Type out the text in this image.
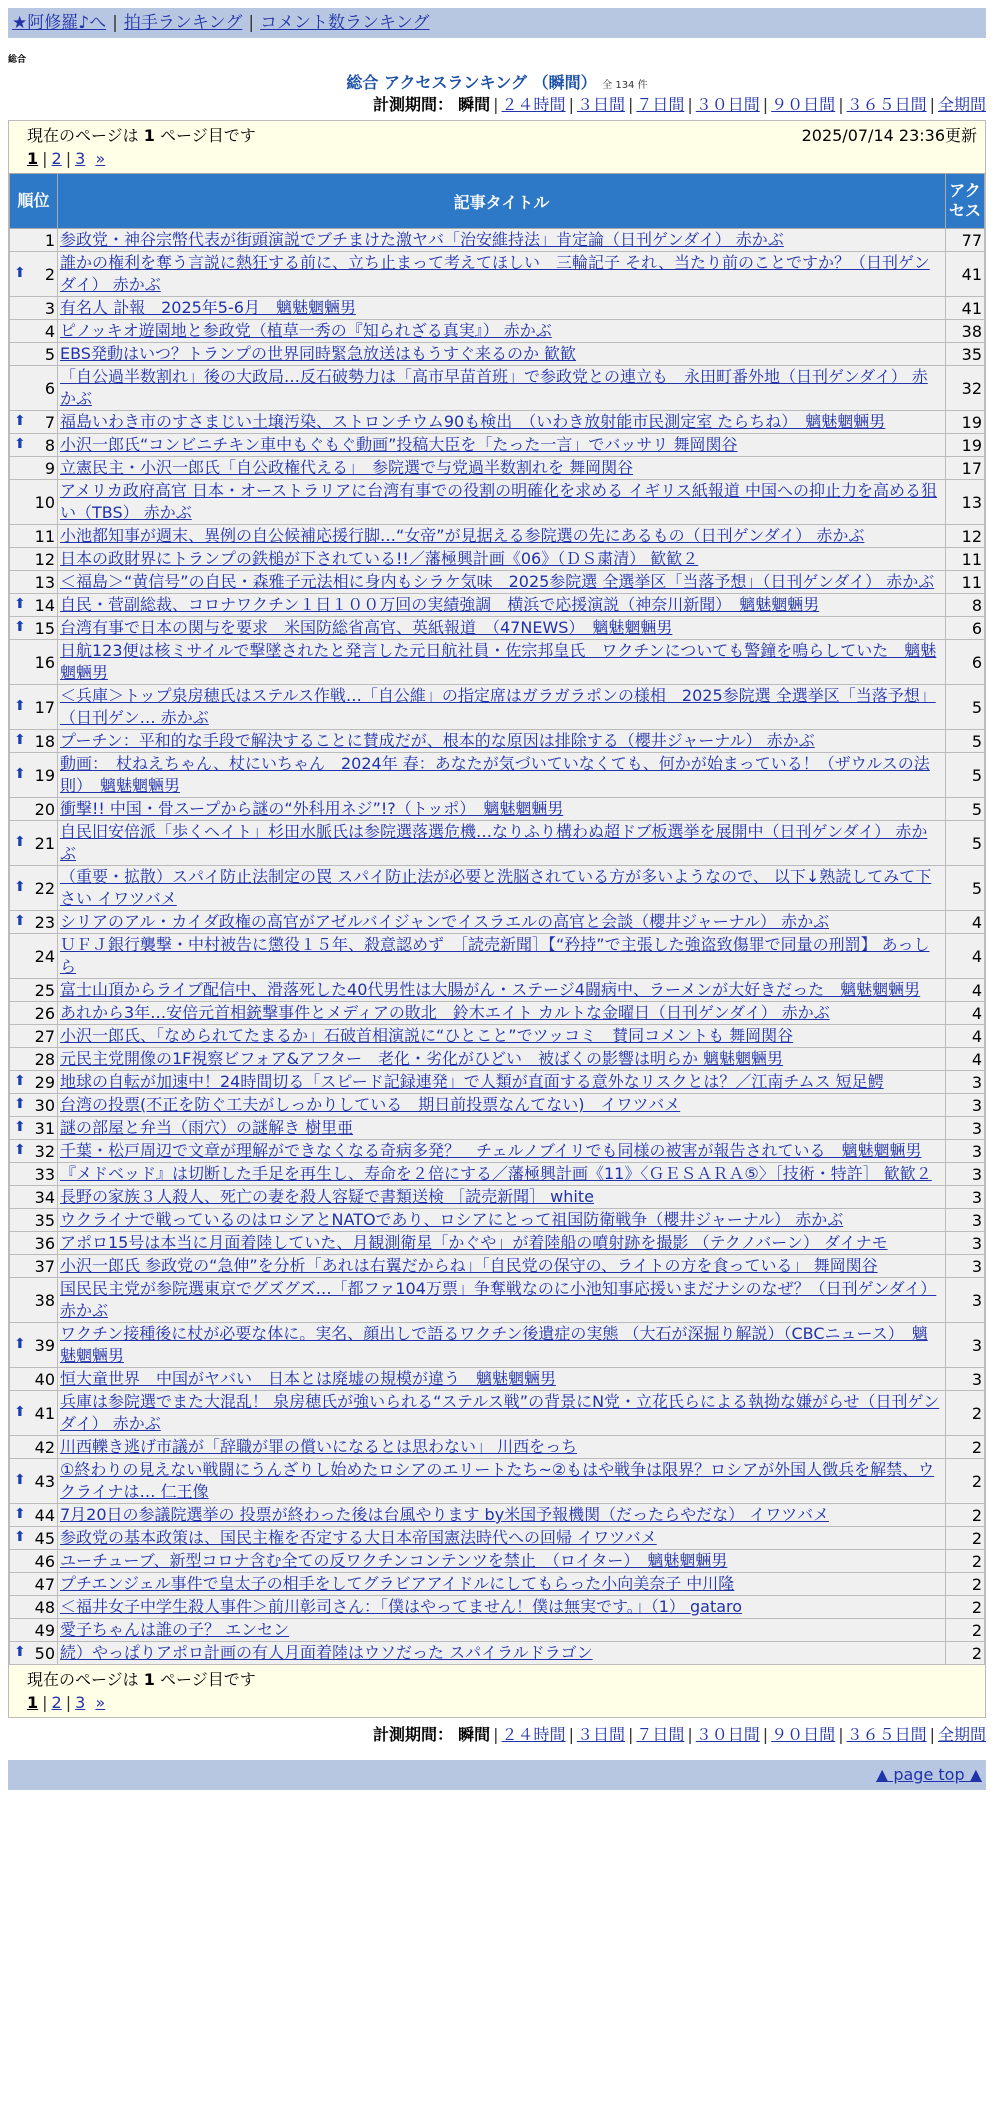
★阿修羅♪へ | 拍手ランキング | コメント数ランキング
総合
総合 アクセスランキング （瞬間） 全 134 件
計測期間： 瞬間 | ２４時間 | ３日間 | ７日間 | ３０日間 | ９０日間 | ３６５日間 | 全期間
現在のページは 1 ページ目です	2025/07/14 23:36更新
1 | 2 | 3 »
順位	記事タイトル	アクセス
1	参政党・神谷宗幣代表が街頭演説でブチまけた激ヤバ「治安維持法」肯定論（日刊ゲンダイ） 赤かぶ	77

⬆ 2	誰かの権利を奪う言説に熱狂する前に、立ち止まって考えてほしい　三輪記子 それ、当たり前のことですか？（日刊ゲンダイ） 赤かぶ	41
3	有名人 訃報　2025年5-6月　魑魅魍魎男	41
4	ピノッキオ遊園地と参政党（植草一秀の『知られざる真実』） 赤かぶ	38
5	EBS発動はいつ？トランプの世界同時緊急放送はもうすぐ来るのか 歓歓	35
6	「自公過半数割れ」後の大政局…反石破勢力は「高市早苗首班」で参政党との連立も　永田町番外地（日刊ゲンダイ） 赤かぶ	32

⬆ 7	福島いわき市のすさまじい土壌汚染、ストロンチウム90も検出　（いわき放射能市民測定室 たらちね）　魑魅魍魎男	19

⬆ 8	小沢一郎氏“コンビニチキン車中もぐもぐ動画”投稿大臣を「たった一言」でバッサリ 舞岡関谷	19
9	立憲民主・小沢一郎氏「自公政権代える」　参院選で与党過半数割れを 舞岡関谷	17
10	アメリカ政府高官 日本・オーストラリアに台湾有事での役割の明確化を求める イギリス紙報道 中国への抑止力を高める狙い（TBS） 赤かぶ	13
11	小池都知事が週末、異例の自公候補応援行脚…“女帝”が見据える参院選の先にあるもの（日刊ゲンダイ） 赤かぶ	12
12	日本の政財界にトランプの鉄槌が下されている!!／藩極興計画《06》（ＤＳ粛清） 歓歓２	11
13	＜福島＞“黄信号”の自民・森雅子元法相に身内もシラケ気味　2025参院選 全選挙区「当落予想」（日刊ゲンダイ） 赤かぶ	11

⬆ 14	自民・菅副総裁、コロナワクチン１日１００万回の実績強調　横浜で応援演説（神奈川新聞）　魑魅魍魎男	8

⬆ 15	台湾有事で日本の関与を要求　米国防総省高官、英紙報道　（47NEWS）　魑魅魍魎男	6
16	日航123便は核ミサイルで撃墜されたと発言した元日航社員・佐宗邦皇氏　ワクチンについても警鐘を鳴らしていた　魑魅魍魎男	6

⬆ 17	＜兵庫＞トップ泉房穂氏はステルス作戦…「自公維」の指定席はガラガラポンの様相　2025参院選 全選挙区「当落予想」（日刊ゲン… 赤かぶ	5

⬆ 18	プーチン：平和的な手段で解決することに賛成だが、根本的な原因は排除する（櫻井ジャーナル） 赤かぶ	5

⬆ 19	動画：　杖ねえちゃん、杖にいちゃん　2024年 春：あなたが気づいていなくても、何かが始まっている！（ザウルスの法則）　魑魅魍魎男	5
20	衝撃!! 中国・骨スープから謎の“外科用ネジ”!?（トッポ）　魑魅魍魎男	5

⬆ 21	自民旧安倍派「歩くヘイト」杉田水脈氏は参院選落選危機…なりふり構わぬ超ドブ板選挙を展開中（日刊ゲンダイ） 赤かぶ	5

⬆ 22	（重要・拡散）スパイ防止法制定の罠 スパイ防止法が必要と洗脳されている方が多いようなので、 以下↓熟読してみて下さい イワツバメ	5

⬆ 23	シリアのアル・カイダ政権の高官がアゼルバイジャンでイスラエルの高官と会談（櫻井ジャーナル） 赤かぶ	4
24	ＵＦＪ銀行襲撃・中村被告に懲役１５年、殺意認めず　［読売新聞］【“矜持”で主張した強盗致傷罪で同量の刑罰】 あっしら	4
25	富士山頂からライブ配信中、滑落死した40代男性は大腸がん・ステージ4闘病中、ラーメンが大好きだった　魑魅魍魎男	4
26	あれから3年…安倍元首相銃撃事件とメディアの敗北　鈴木エイト カルトな金曜日（日刊ゲンダイ） 赤かぶ	4
27	小沢一郎氏、「なめられてたまるか」石破首相演説に“ひとこと”でツッコミ　賛同コメントも 舞岡関谷	4
28	元民主党開像の1F視察ビフォア&アフター　老化・劣化がひどい　被ばくの影響は明らか 魑魅魍魎男	4

⬆ 29	地球の自転が加速中！24時間切る「スピード記録連発」で人類が直面する意外なリスクとは？／江南チムス 短足鰐	3

⬆ 30	台湾の投票(不正を防ぐ工夫がしっかりしている　期日前投票なんてない)　イワツバメ	3

⬆ 31	謎の部屋と弁当（雨穴）の謎解き 樹里亜	3

⬆ 32	千葉・松戸周辺で文章が理解ができなくなる奇病多発？　チェルノブイリでも同様の被害が報告されている　魑魅魍魎男	3
33	『メドベッド』は切断した手足を再生し、寿命を２倍にする／藩極興計画《11》〈ＧＥＳＡＲＡ⑤〉［技術・特許］ 歓歓２	3
34	長野の家族３人殺人、死亡の妻を殺人容疑で書類送検 ［読売新聞］ white	3
35	ウクライナで戦っているのはロシアとNATOであり、ロシアにとって祖国防衛戦争（櫻井ジャーナル） 赤かぶ	3
36	アポロ15号は本当に月面着陸していた、月観測衛星「かぐや」が着陸船の噴射跡を撮影 （テクノバーン） ダイナモ	3
37	小沢一郎氏 参政党の“急伸”を分析「あれは右翼だからね」「自民党の保守の、ライトの方を食っている」 舞岡関谷	3
38	国民民主党が参院選東京でグズグズ…「都ファ104万票」争奪戦なのに小池知事応援いまだナシのなぜ？（日刊ゲンダイ） 赤かぶ	3

⬆ 39	ワクチン接種後に杖が必要な体に。実名、顔出しで語るワクチン後遺症の実態 （大石が深掘り解説）（CBCニュース）　魑魅魍魎男	3
40	恒大童世界　中国がヤバい　日本とは廃墟の規模が違う　魑魅魍魎男	3

⬆ 41	兵庫は参院選でまた大混乱！ 泉房穂氏が強いられる“ステルス戦”の背景にN党・立花氏らによる執拗な嫌がらせ（日刊ゲンダイ） 赤かぶ	2
42	川西轢き逃げ市議が「辞職が罪の償いになるとは思わない」 川西をっち	2

⬆ 43	①終わりの見えない戦闘にうんざりし始めたロシアのエリートたち~②もはや戦争は限界？ロシアが外国人徴兵を解禁、ウクライナは… 仁王像	2

⬆ 44	7月20日の参議院選挙の 投票が終わった後は台風やります by米国予報機関（だったらやだな） イワツバメ	2

⬆ 45	参政党の基本政策は、国民主権を否定する大日本帝国憲法時代への回帰 イワツバメ	2
46	ユーチューブ、新型コロナ含む全ての反ワクチンコンテンツを禁止　（ロイター）　魑魅魍魎男	2
47	プチエンジェル事件で皇太子の相手をしてグラビアアイドルにしてもらった小向美奈子 中川隆	2
48	＜福井女子中学生殺人事件＞前川彰司さん：「僕はやってません！僕は無実です。」（1） gataro	2
49	愛子ちゃんは誰の子？ エンセン	2

⬆ 50	続）やっぱりアポロ計画の有人月面着陸はウソだった スパイラルドラゴン	2
現在のページは 1 ページ目です
1 | 2 | 3 »
計測期間： 瞬間 | ２４時間 | ３日間 | ７日間 | ３０日間 | ９０日間 | ３６５日間 | 全期間
▲ page top ▲
